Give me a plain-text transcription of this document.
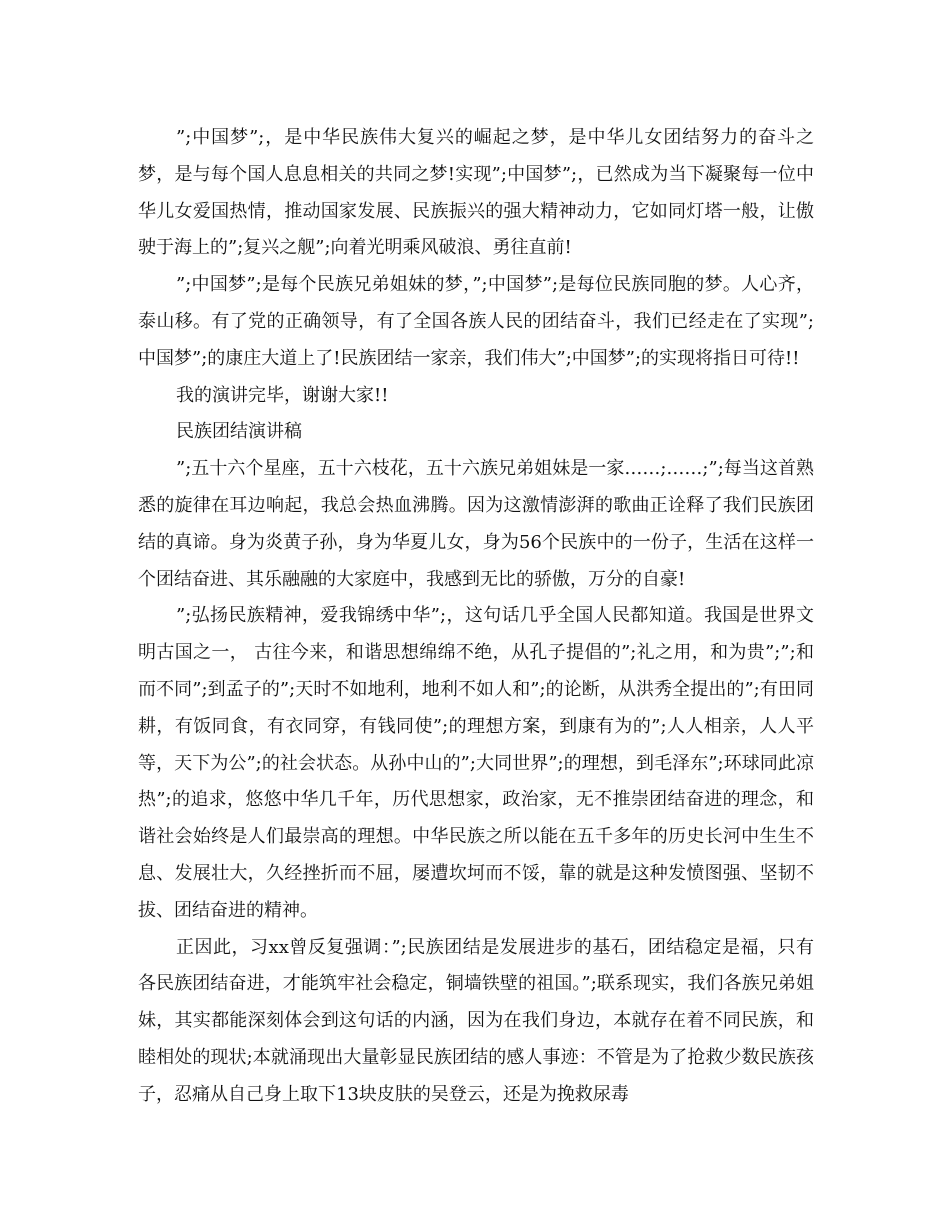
”;中国梦”;，是中华民族伟大复兴的崛起之梦，是中华儿女团结努力的奋斗之梦，是与每个国人息息相关的共同之梦!实现”;中国梦”;，已然成为当下凝聚每一位中华儿女爱国热情，推动国家发展、民族振兴的强大精神动力，它如同灯塔一般，让傲驶于海上的”;复兴之舰”;向着光明乘风破浪、勇往直前!

”;中国梦”;是每个民族兄弟姐妹的梦，”;中国梦”;是每位民族同胞的梦。人心齐，泰山移。有了党的正确领导，有了全国各族人民的团结奋斗，我们已经走在了实现”;中国梦”;的康庄大道上了!民族团结一家亲，我们伟大”;中国梦”;的实现将指日可待!!

我的演讲完毕，谢谢大家!!

民族团结演讲稿

”;五十六个星座，五十六枝花，五十六族兄弟姐妹是一家……;……;”;每当这首熟悉的旋律在耳边响起，我总会热血沸腾。因为这激情澎湃的歌曲正诠释了我们民族团结的真谛。身为炎黄子孙，身为华夏儿女，身为56个民族中的一份子，生活在这样一个团结奋进、其乐融融的大家庭中，我感到无比的骄傲，万分的自豪!

”;弘扬民族精神，爱我锦绣中华”;，这句话几乎全国人民都知道。我国是世界文明古国之一， 古往今来，和谐思想绵绵不绝，从孔子提倡的”;礼之用，和为贵”;”;和而不同”;到孟子的”;天时不如地利，地利不如人和”;的论断，从洪秀全提出的”;有田同耕，有饭同食，有衣同穿，有钱同使”;的理想方案，到康有为的”;人人相亲，人人平等，天下为公”;的社会状态。从孙中山的”;大同世界”;的理想，到毛泽东”;环球同此凉热”;的追求，悠悠中华几千年，历代思想家，政治家，无不推崇团结奋进的理念，和谐社会始终是人们最崇高的理想。中华民族之所以能在五千多年的历史长河中生生不息、发展壮大，久经挫折而不屈，屡遭坎坷而不馁，靠的就是这种发愤图强、坚韧不拔、团结奋进的精神。

正因此，习xx曾反复强调：”;民族团结是发展进步的基石，团结稳定是福，只有各民族团结奋进，才能筑牢社会稳定，铜墙铁壁的祖国。”;联系现实，我们各族兄弟姐妹，其实都能深刻体会到这句话的内涵，因为在我们身边，本就存在着不同民族，和睦相处的现状;本就涌现出大量彰显民族团结的感人事迹：不管是为了抢救少数民族孩子，忍痛从自己身上取下13块皮肤的吴登云，还是为挽救尿毒
